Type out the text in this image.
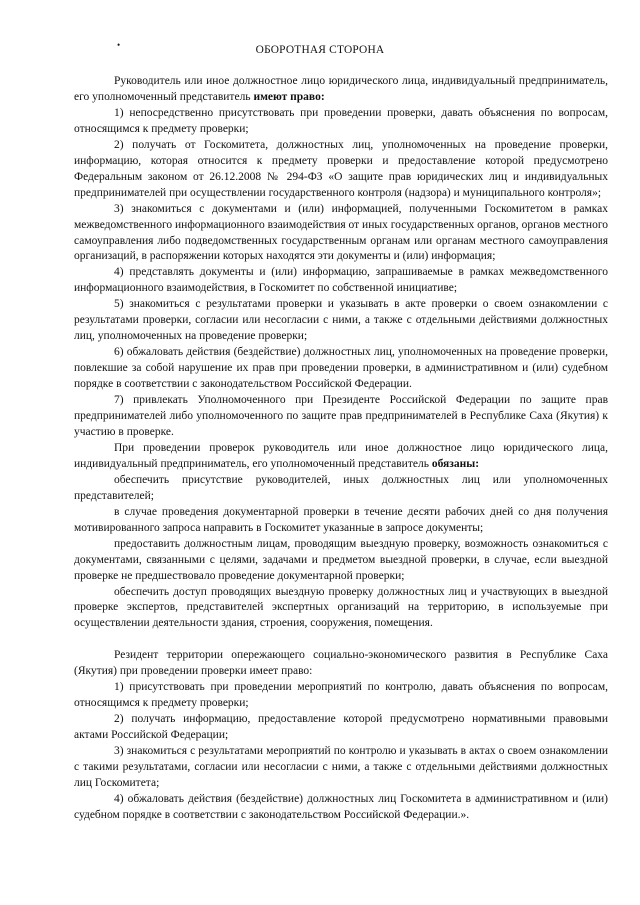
•	ОБОРОТНАЯ СТОРОНА

Руководитель или иное должностное лицо юридического лица, индивидуальный предприниматель, его уполномоченный представитель имеют право:

1) непосредственно присутствовать при проведении проверки, давать объяснения по вопросам, относящимся к предмету проверки;

2) получать от Госкомитета, должностных лиц, уполномоченных на проведение проверки, информацию, которая относится к предмету проверки и предоставление которой предусмотрено Федеральным законом от 26.12.2008 № 294-ФЗ «О защите прав юридических лиц и индивидуальных предпринимателей при осуществлении государственного контроля (надзора) и муниципального контроля»;

3) знакомиться с документами и (или) информацией, полученными Госкомитетом в рамках межведомственного информационного взаимодействия от иных государственных органов, органов местного самоуправления либо подведомственных государственным органам или органам местного самоуправления организаций, в распоряжении которых находятся эти документы и (или) информация;

4) представлять документы и (или) информацию, запрашиваемые в рамках межведомственного информационного взаимодействия, в Госкомитет по собственной инициативе;

5) знакомиться с результатами проверки и указывать в акте проверки о своем ознакомлении с результатами проверки, согласии или несогласии с ними, а также с отдельными действиями должностных лиц, уполномоченных на проведение проверки;

6) обжаловать действия (бездействие) должностных лиц, уполномоченных на проведение проверки, повлекшие за собой нарушение их прав при проведении проверки, в административном и (или) судебном порядке в соответствии с законодательством Российской Федерации.

7) привлекать Уполномоченного при Президенте Российской Федерации по защите прав предпринимателей либо уполномоченного по защите прав предпринимателей в Республике Саха (Якутия) к участию в проверке.

При проведении проверок руководитель или иное должностное лицо юридического лица, индивидуальный предприниматель, его уполномоченный представитель обязаны:

обеспечить присутствие руководителей, иных должностных лиц или уполномоченных представителей;

в случае проведения документарной проверки в течение десяти рабочих дней со дня получения мотивированного запроса направить в Госкомитет указанные в запросе документы;

предоставить должностным лицам, проводящим выездную проверку, возможность ознакомиться с документами, связанными с целями, задачами и предметом выездной проверки, в случае, если выездной проверке не предшествовало проведение документарной проверки;

обеспечить доступ проводящих выездную проверку должностных лиц и участвующих в выездной проверке экспертов, представителей экспертных организаций на территорию, в используемые при осуществлении деятельности здания, строения, сооружения, помещения.

Резидент территории опережающего социально-экономического развития в Республике Саха (Якутия) при проведении проверки имеет право:

1) присутствовать при проведении мероприятий по контролю, давать объяснения по вопросам, относящимся к предмету проверки;

2) получать информацию, предоставление которой предусмотрено нормативными правовыми актами Российской Федерации;

3) знакомиться с результатами мероприятий по контролю и указывать в актах о своем ознакомлении с такими результатами, согласии или несогласии с ними, а также с отдельными действиями должностных лиц Госкомитета;

4) обжаловать действия (бездействие) должностных лиц Госкомитета в административном и (или) судебном порядке в соответствии с законодательством Российской Федерации.».
